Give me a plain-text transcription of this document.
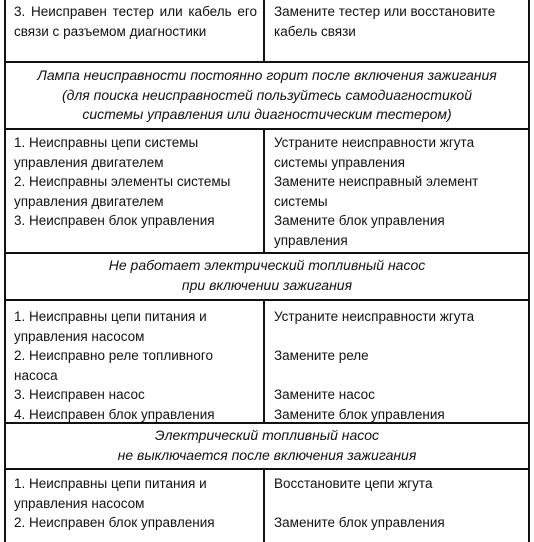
3. Неисправен тестер или кабель его связи с разъемом диагностики
Замените тестер или восстановите кабель связи
Лампа неисправности постоянно горит после включения зажигания
(для поиска неисправностей пользуйтесь самодиагностикой
системы управления или диагностическим тестером)
1. Неисправны цепи системы управления двигателем
2. Неисправны элементы системы управления двигателем
3. Неисправен блок управления
Устраните неисправности жгута системы управления
Замените неисправный элемент системы
Замените блок управления управления
Не работает электрический топливный насос
при включении зажигания
1. Неисправны цепи питания и управления насосом
2. Неисправно реле топливного насоса
3. Неисправен насос
4. Неисправен блок управления
Устраните неисправности жгута
Замените реле
Замените насос
Замените блок управления
Электрический топливный насос
не выключается после включения зажигания
1. Неисправны цепи питания и управления насосом
2. Неисправен блок управления
Восстановите цепи жгута
Замените блок управления
